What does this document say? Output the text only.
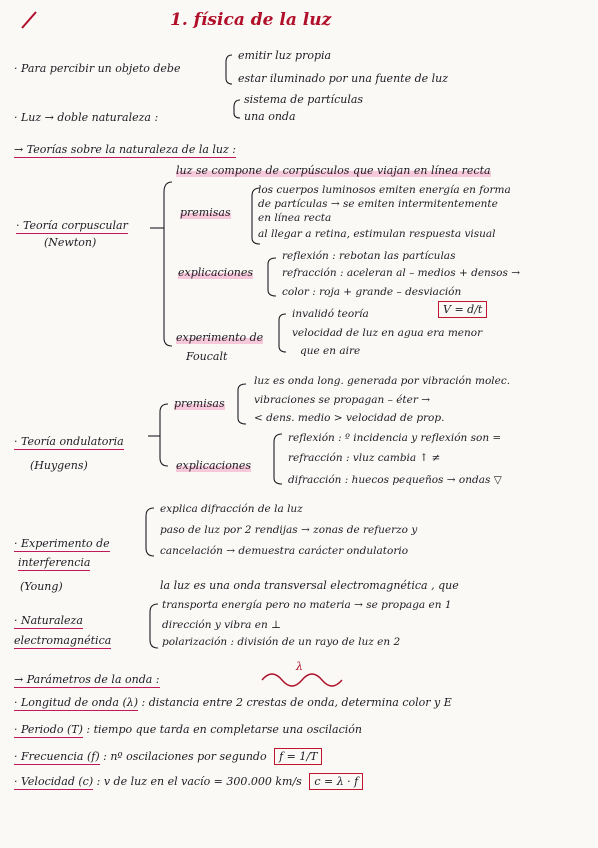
1. física de la luz
· Para percibir un objeto debe
emitir luz propia
estar iluminado por una fuente de luz
· Luz → doble naturaleza :
sistema de partículas
una onda
→ Teorías sobre la naturaleza de la luz :
· Teoría corpuscular
(Newton)
luz se compone de corpúsculos que viajan en línea recta
premisas
los cuerpos luminosos emiten energía en forma
de partículas → se emiten intermitentemente
en línea recta
al llegar a retina, estimulan respuesta visual
explicaciones
reflexión : rebotan las partículas
refracción : aceleran al – medios + densos →
color : roja + grande – desviación
V = d/t
experimento de
Foucalt
invalidó teoría
velocidad de luz en agua era menor
que en aire
· Teoría ondulatoria
(Huygens)
premisas
luz es onda long. generada por vibración molec.
vibraciones se propagan – éter →
< dens. medio > velocidad de prop.
explicaciones
reflexión : º incidencia y reflexión son =
refracción : vluz cambia ↑ ≠
difracción : huecos pequeños → ondas ▽
· Experimento de
interferencia
(Young)
explica difracción de la luz
paso de luz por 2 rendijas → zonas de refuerzo y
cancelación → demuestra carácter ondulatorio
la luz es una onda transversal electromagnética , que
· Naturaleza
electromagnética
transporta energía pero no materia → se propaga en 1
dirección y vibra en ⊥
polarización : división de un rayo de luz en 2
→ Parámetros de la onda :
λ
· Longitud de onda (λ) : distancia entre 2 crestas de onda, determina color y E
· Periodo (T) : tiempo que tarda en completarse una oscilación
· Frecuencia (f) : nº oscilaciones por segundo f = 1/T
· Velocidad (c) : v de luz en el vacío = 300.000 km/s c = λ · f
